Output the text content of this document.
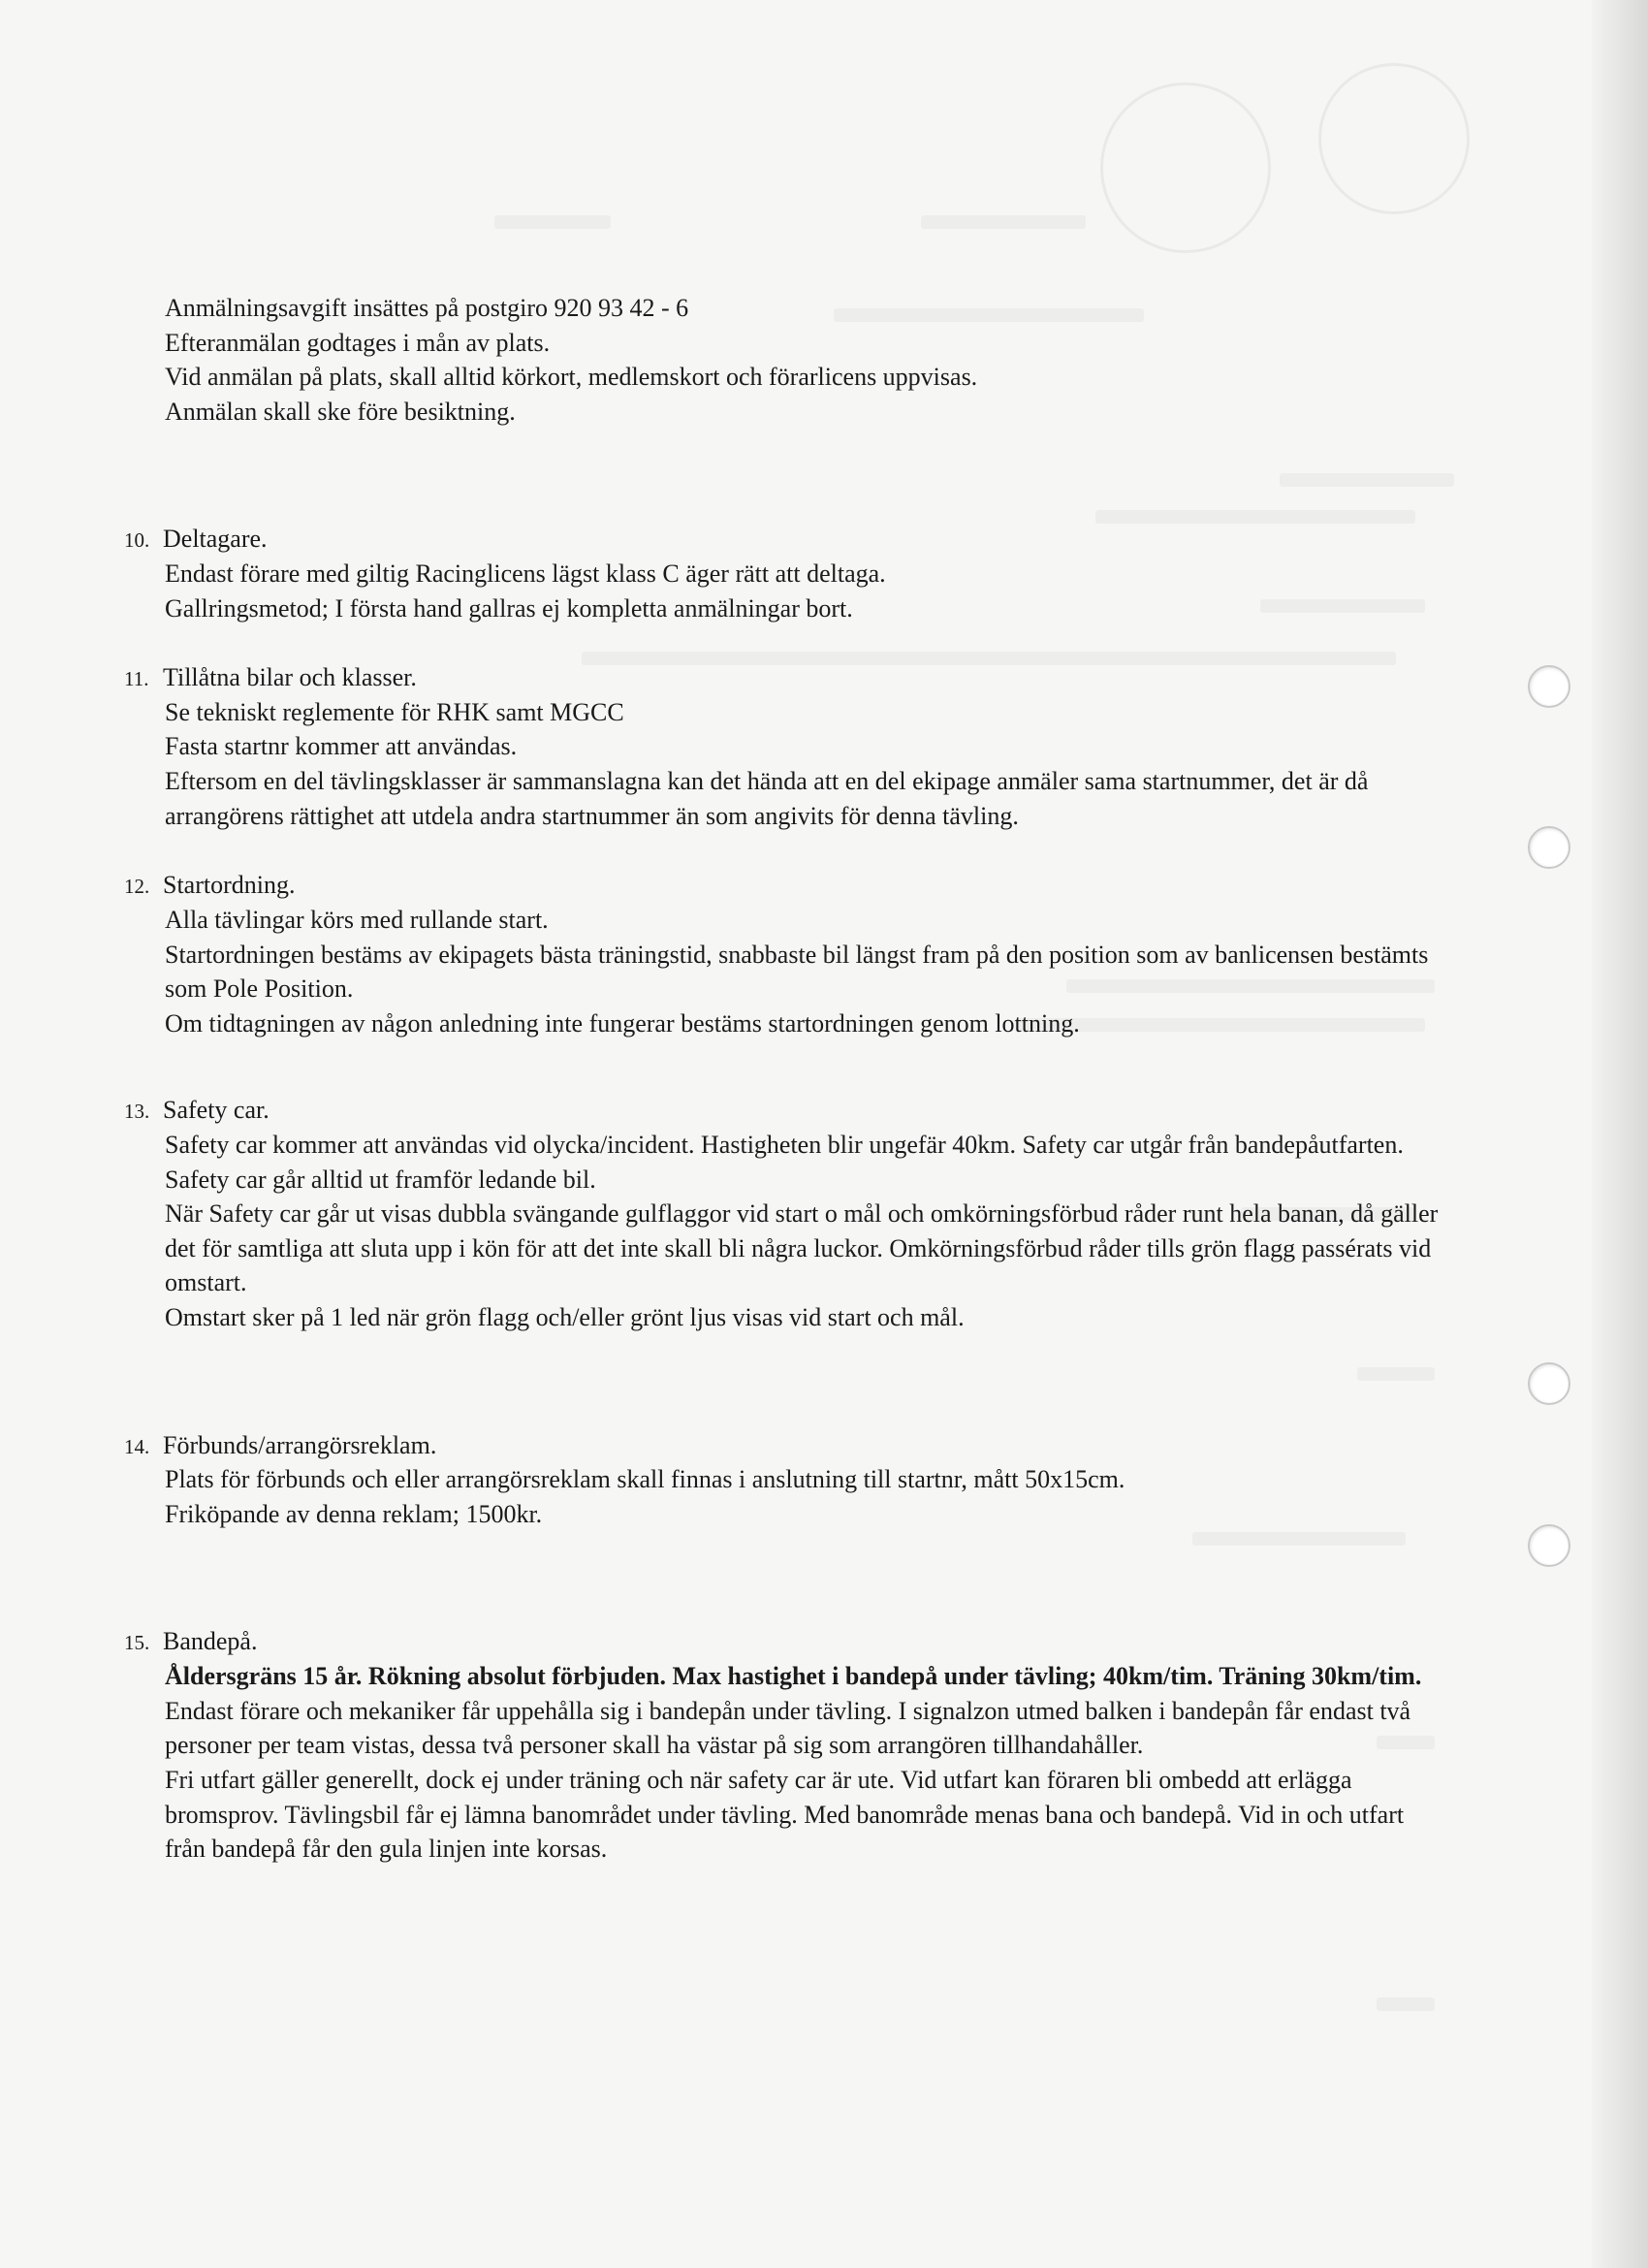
Anmälningsavgift insättes på postgiro 920 93 42 - 6

Efteranmälan godtages i mån av plats.

Vid anmälan på plats, skall alltid körkort, medlemskort och förarlicens uppvisas.

Anmälan skall ske före besiktning.

10. Deltagare.

Endast förare med giltig Racinglicens lägst klass C äger rätt att deltaga.

Gallringsmetod; I första hand gallras ej kompletta anmälningar bort.

11. Tillåtna bilar och klasser.

Se tekniskt reglemente för RHK samt MGCC

Fasta startnr kommer att användas.

Eftersom en del tävlingsklasser är sammanslagna kan det hända att en del ekipage anmäler sama startnummer, det är då arrangörens rättighet att utdela andra startnummer än som angivits för denna tävling.

12. Startordning.

Alla tävlingar körs med rullande start.

Startordningen bestäms av ekipagets bästa träningstid, snabbaste bil längst fram på den position som av banlicensen bestämts som Pole Position.

Om tidtagningen av någon anledning inte fungerar bestäms startordningen genom lottning.

13. Safety car.

Safety car kommer att användas vid olycka/incident. Hastigheten blir ungefär 40km. Safety car utgår från bandepåutfarten. Safety car går alltid ut framför ledande bil.

När Safety car går ut visas dubbla svängande gulflaggor vid start o mål och omkörningsförbud råder runt hela banan, då gäller det för samtliga att sluta upp i kön för att det inte skall bli några luckor. Omkörningsförbud råder tills grön flagg passérats vid omstart.

Omstart sker på 1 led när grön flagg och/eller grönt ljus visas vid start och mål.

14. Förbunds/arrangörsreklam.

Plats för förbunds och eller arrangörsreklam skall finnas i anslutning till startnr, mått 50x15cm.

Friköpande av denna reklam; 1500kr.

15. Bandepå.

Åldersgräns 15 år. Rökning absolut förbjuden. Max hastighet i bandepå under tävling; 40km/tim. Träning 30km/tim.

Endast förare och mekaniker får uppehålla sig i bandepån under tävling. I signalzon utmed balken i bandepån får endast två personer per team vistas, dessa två personer skall ha västar på sig som arrangören tillhandahåller.

Fri utfart gäller generellt, dock ej under träning och när safety car är ute. Vid utfart kan föraren bli ombedd att erlägga bromsprov. Tävlingsbil får ej lämna banområdet under tävling. Med banområde menas bana och bandepå. Vid in och utfart från bandepå får den gula linjen inte korsas.
